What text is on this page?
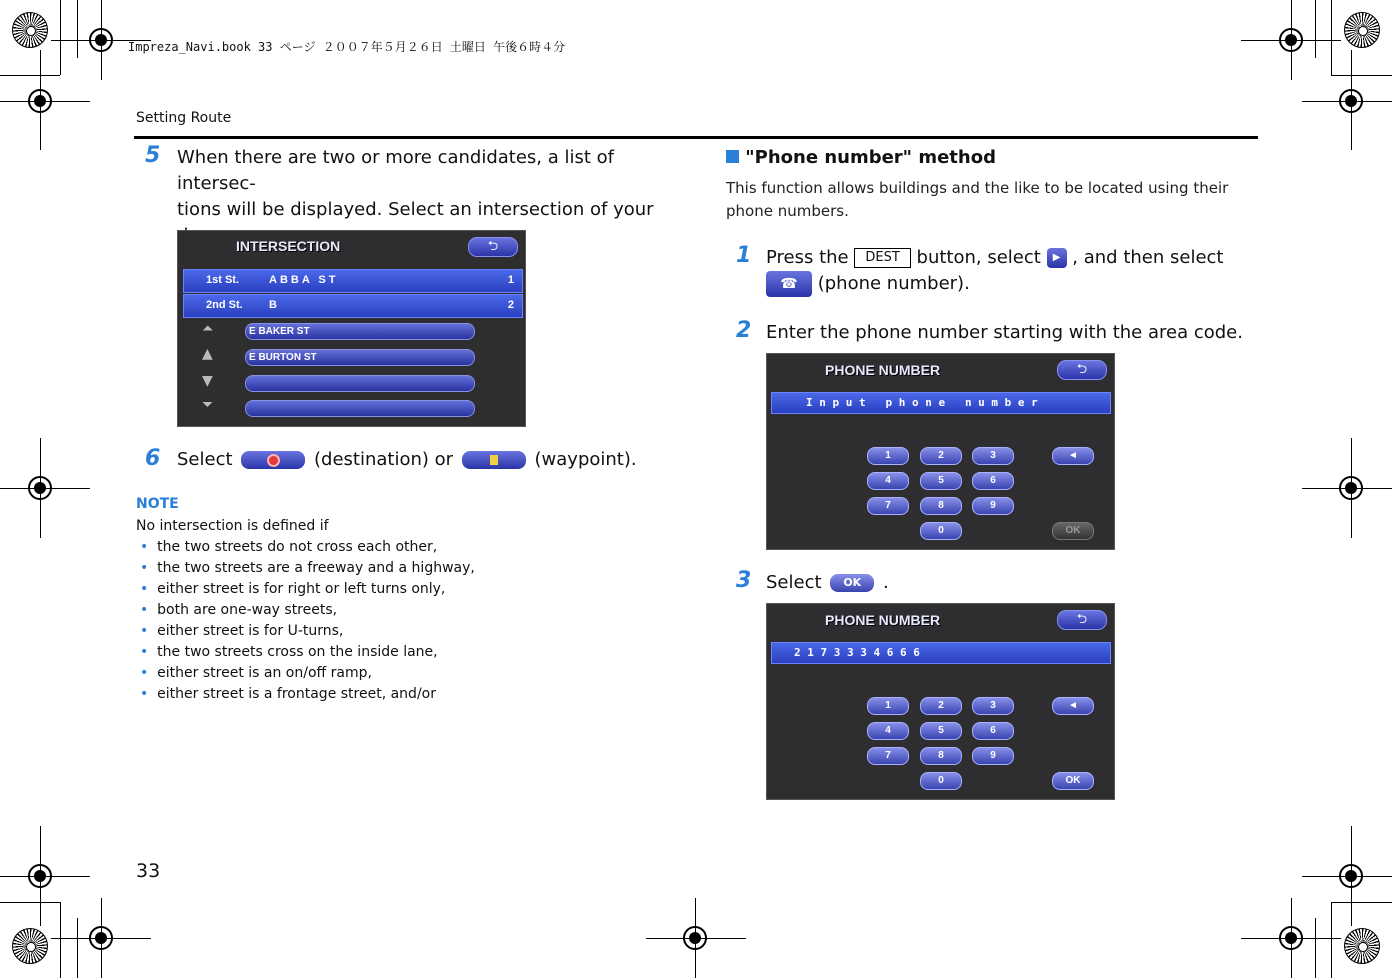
Impreza_Navi.book 33 ページ ２００７年５月２６日 土曜日 午後６時４分
Setting Route
5 When there are two or more candidates, a list of intersec-
tions will be displayed. Select an intersection of your
INTERSECTION	⮌
1st St.	ABBA ST	1
2nd St. B	2
⏶
▲
▼
⏷
E BAKER ST
E BURTON ST
6 Select	(destination) or	(waypoint).
NOTE
No intersection is defined if
• the two streets do not cross each other,
• the two streets are a freeway and a highway,
• either street is for right or left turns only,
• both are one-way streets,
• either street is for U-turns,
• the two streets cross on the inside lane,
• either street is an on/off ramp,
• either street is a frontage street, and/or
"Phone number" method
This function allows buildings and the like to be located using their
phone numbers.
1 Press the DEST button, select ▶ , and then select
☎ (phone number).
2 Enter the phone number starting with the area code.
PHONE NUMBER	⮌
I n p u t   p h o n e   n u m b e r
1	2	3
4	5	6
7	8	9
0
◄
OK
3 Select OK .
PHONE NUMBER	⮌
2 1 7 3 3 3 4 6 6 6
1	2	3
4	5	6
7	8	9
0
◄
OK
33
